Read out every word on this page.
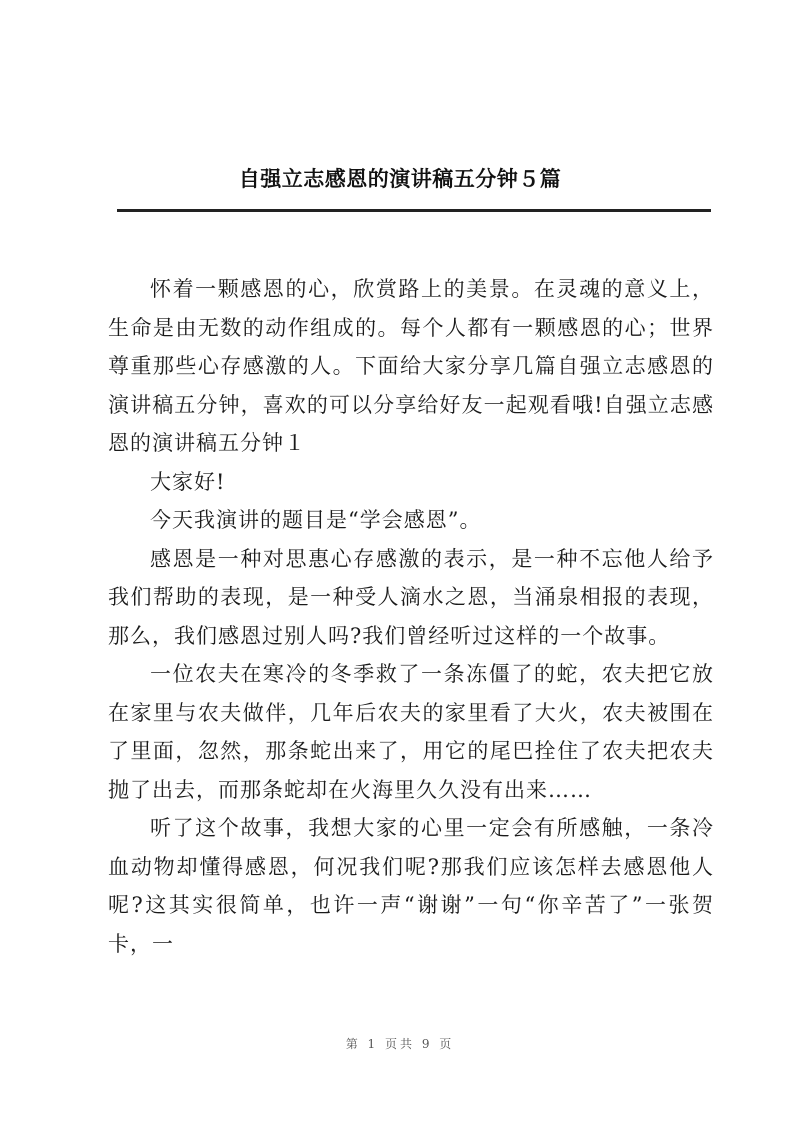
自强立志感恩的演讲稿五分钟５篇

怀着一颗感恩的心，欣赏路上的美景。在灵魂的意义上，生命是由无数的动作组成的。每个人都有一颗感恩的心；世界尊重那些心存感激的人。下面给大家分享几篇自强立志感恩的演讲稿五分钟，喜欢的可以分享给好友一起观看哦!自强立志感恩的演讲稿五分钟１

大家好!

今天我演讲的题目是“学会感恩”。

感恩是一种对思惠心存感激的表示，是一种不忘他人给予我们帮助的表现，是一种受人滴水之恩，当涌泉相报的表现，那么，我们感恩过别人吗?我们曾经听过这样的一个故事。

一位农夫在寒冷的冬季救了一条冻僵了的蛇，农夫把它放在家里与农夫做伴，几年后农夫的家里看了大火，农夫被围在了里面，忽然，那条蛇出来了，用它的尾巴拴住了农夫把农夫抛了出去，而那条蛇却在火海里久久没有出来……

听了这个故事，我想大家的心里一定会有所感触，一条冷血动物却懂得感恩，何况我们呢?那我们应该怎样去感恩他人呢?这其实很简单，也许一声“谢谢”一句“你辛苦了”一张贺卡，一

第 1 页共 9 页
